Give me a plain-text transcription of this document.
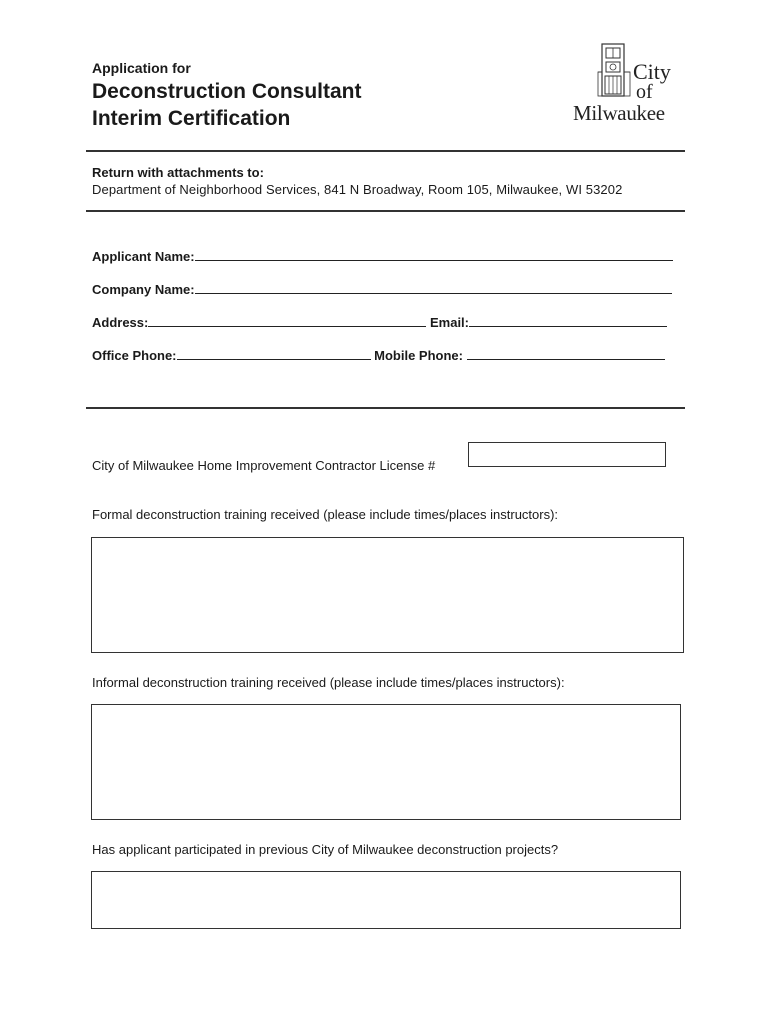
Application for
Deconstruction Consultant
Interim Certification
City
of
Milwaukee
Return with attachments to:
Department of Neighborhood Services, 841 N Broadway, Room 105, Milwaukee, WI 53202
Applicant Name:
Company Name:
Address:	Email:
Office Phone:	Mobile Phone:
City of Milwaukee Home Improvement Contractor License #
Formal deconstruction training received (please include times/places instructors):
Informal deconstruction training received (please include times/places instructors):
Has applicant participated in previous City of Milwaukee deconstruction projects?
